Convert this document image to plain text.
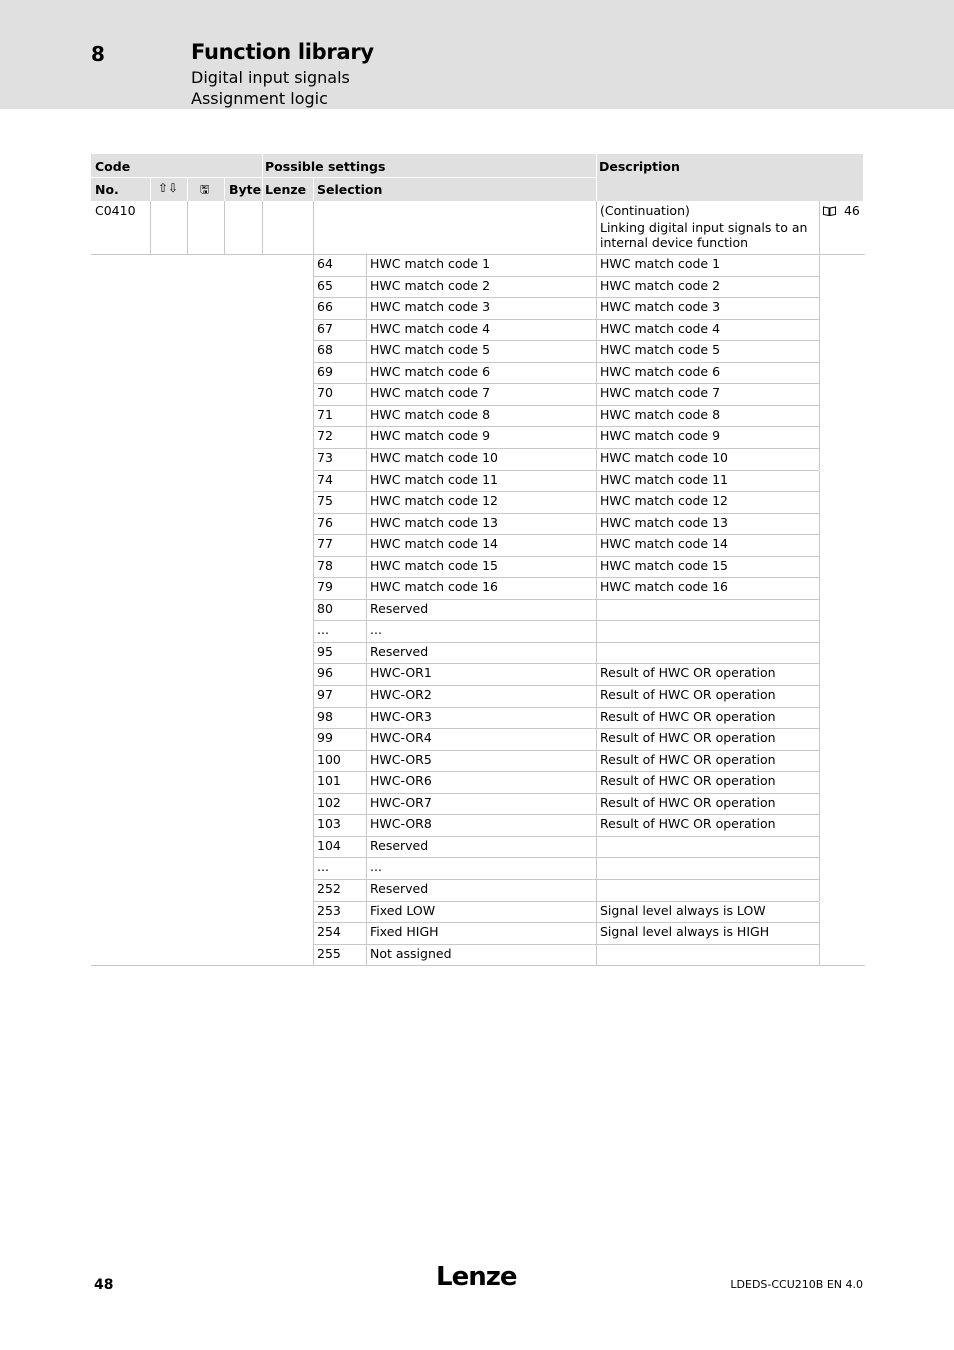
8	Function library
Digital input signals
Assignment logic
Code	Possible settings	Description
No.	⇧⇩ 🖫 Byte Lenze Selection
C0410	(Continuation)
Linking digital input signals to an
internal device function
46
64	HWC match code 1	HWC match code 1
65	HWC match code 2	HWC match code 2
66	HWC match code 3	HWC match code 3
67	HWC match code 4	HWC match code 4
68	HWC match code 5	HWC match code 5
69	HWC match code 6	HWC match code 6
70	HWC match code 7	HWC match code 7
71	HWC match code 8	HWC match code 8
72	HWC match code 9	HWC match code 9
73	HWC match code 10	HWC match code 10
74	HWC match code 11	HWC match code 11
75	HWC match code 12	HWC match code 12
76	HWC match code 13	HWC match code 13
77	HWC match code 14	HWC match code 14
78	HWC match code 15	HWC match code 15
79	HWC match code 16	HWC match code 16
80	Reserved
...	...
95	Reserved
96	HWC-OR1	Result of HWC OR operation
97	HWC-OR2	Result of HWC OR operation
98	HWC-OR3	Result of HWC OR operation
99	HWC-OR4	Result of HWC OR operation
100 HWC-OR5	Result of HWC OR operation
101 HWC-OR6	Result of HWC OR operation
102 HWC-OR7	Result of HWC OR operation
103 HWC-OR8	Result of HWC OR operation
104 Reserved
...	...
252 Reserved
253 Fixed LOW	Signal level always is LOW
254 Fixed HIGH	Signal level always is HIGH
255 Not assigned
48	Lenze	LDEDS-CCU210B EN 4.0
